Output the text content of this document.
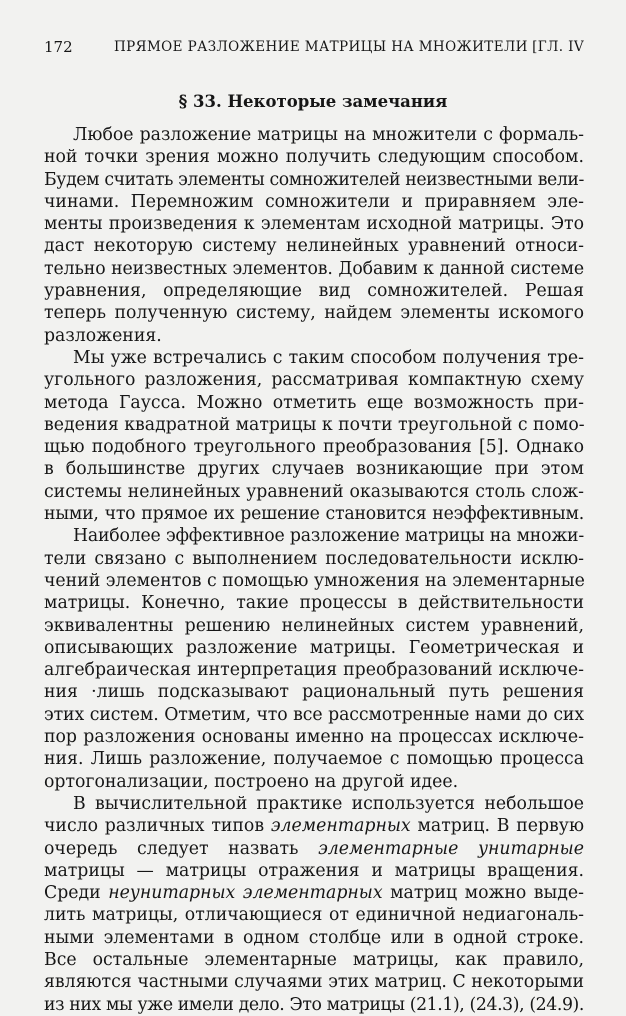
172	ПРЯМОЕ РАЗЛОЖЕНИЕ МАТРИЦЫ НА МНОЖИТЕЛИ [ГЛ. IV
§ 33. Некоторые замечания
Любое разложение матрицы на множители с формаль-
ной точки зрения можно получить следующим способом.
Будем считать элементы сомножителей неизвестными вели-
чинами. Перемножим сомножители и приравняем эле-
менты произведения к элементам исходной матрицы. Это
даст некоторую систему нелинейных уравнений относи-
тельно неизвестных элементов. Добавим к данной системе
уравнения, определяющие вид сомножителей. Решая
теперь полученную систему, найдем элементы искомого
разложения.
Мы уже встречались с таким способом получения тре-
угольного разложения, рассматривая компактную схему
метода Гаусса. Можно отметить еще возможность при-
ведения квадратной матрицы к почти треугольной с помо-
щью подобного треугольного преобразования [5]. Однако
в большинстве других случаев возникающие при этом
системы нелинейных уравнений оказываются столь слож-
ными, что прямое их решение становится неэффективным.
Наиболее эффективное разложение матрицы на множи-
тели связано с выполнением последовательности исклю-
чений элементов с помощью умножения на элементарные
матрицы. Конечно, такие процессы в действительности
эквивалентны решению нелинейных систем уравнений,
описывающих разложение матрицы. Геометрическая и
алгебраическая интерпретация преобразований исключе-
ния ·лишь подсказывают рациональный путь решения
этих систем. Отметим, что все рассмотренные нами до сих
пор разложения основаны именно на процессах исключе-
ния. Лишь разложение, получаемое с помощью процесса
ортогонализации, построено на другой идее.
В вычислительной практике используется небольшое
число различных типов элементарных матриц. В первую
очередь следует назвать элементарные унитарные
матрицы — матрицы отражения и матрицы вращения.
Среди неунитарных элементарных матриц можно выде-
лить матрицы, отличающиеся от единичной недиагональ-
ными элементами в одном столбце или в одной строке.
Все остальные элементарные матрицы, как правило,
являются частными случаями этих матриц. С некоторыми
из них мы уже имели дело. Это матрицы (21.1), (24.3), (24.9).
